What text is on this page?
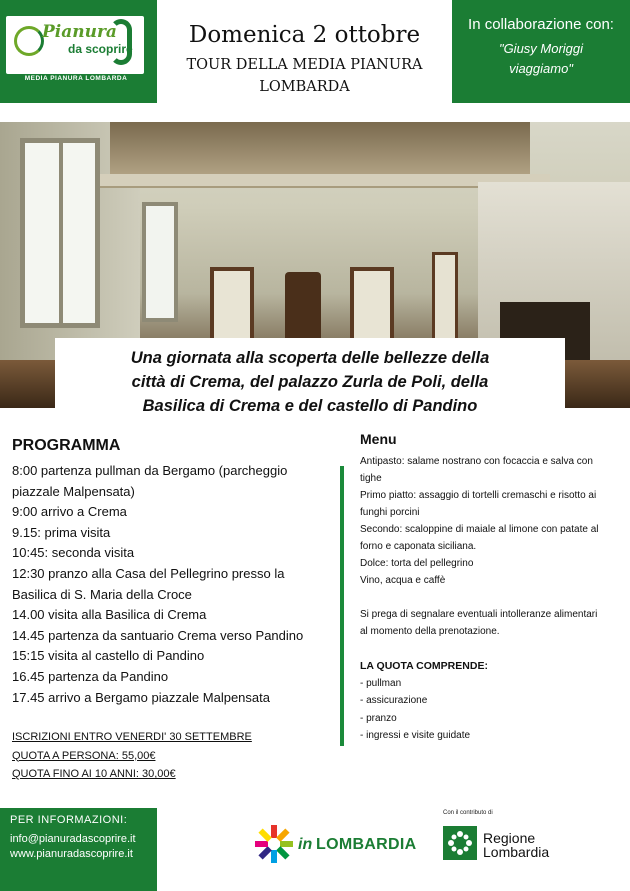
Pianura
da scoprire
MEDIA PIANURA LOMBARDA
Domenica 2 ottobre
TOUR DELLA MEDIA PIANURA
LOMBARDA
In collaborazione con:
"Giusy Moriggi
viaggiamo"
Una giornata alla scoperta delle bellezze della
città di Crema, del palazzo Zurla de Poli, della
Basilica di Crema e del castello di Pandino
PROGRAMMA
8:00 partenza pullman da Bergamo (parcheggio
piazzale Malpensata)
9:00 arrivo a Crema
9.15: prima visita
10:45: seconda visita
12:30 pranzo alla Casa del Pellegrino presso la
Basilica di S. Maria della Croce
14.00 visita alla Basilica di Crema
14.45 partenza da santuario Crema verso Pandino
15:15 visita al castello di Pandino
16.45 partenza da Pandino
17.45 arrivo a Bergamo piazzale Malpensata
ISCRIZIONI ENTRO VENERDI' 30 SETTEMBRE
QUOTA A PERSONA: 55,00€
QUOTA FINO AI 10 ANNI: 30,00€
Menu
Antipasto: salame nostrano con focaccia e salva con
tighe
Primo piatto: assaggio di tortelli cremaschi e risotto ai
funghi porcini
Secondo: scaloppine di maiale al limone con patate al
forno e caponata siciliana.
Dolce: torta del pellegrino
Vino, acqua e caffè
Si prega di segnalare eventuali intolleranze alimentari
al momento della prenotazione.
LA QUOTA COMPRENDE:
- pullman
- assicurazione
- pranzo
- ingressi e visite guidate
PER INFORMAZIONI:
info@pianuradascoprire.it
www.pianuradascoprire.it
in LOMBARDIA
Con il contributo di
Regione
Lombardia
